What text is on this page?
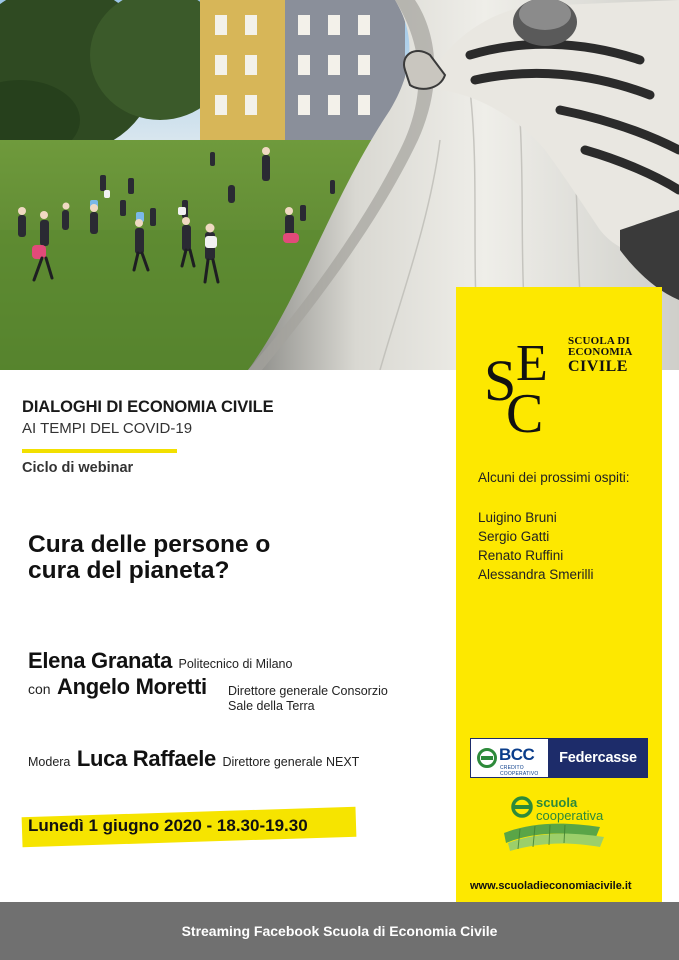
DIALOGHI DI ECONOMIA CIVILE
AI TEMPI DEL COVID-19
Ciclo di webinar
Cura delle persone o
cura del pianeta?
Elena Granata Politecnico di Milano
con Angelo Moretti Direttore generale Consorzio
Sale della Terra
Modera Luca Raffaele Direttore generale NEXT
Lunedì 1 giugno 2020 - 18.30-19.30
S E
C
SCUOLA DI
ECONOMIA
CIVILE
Alcuni dei prossimi ospiti:
Luigino Bruni
Sergio Gatti
Renato Ruffini
Alessandra Smerilli
BCC
CREDITO COOPERATIVO
Federcasse
scuola
cooperativa
www.scuoladieconomiacivile.it
Streaming Facebook Scuola di Economia Civile
